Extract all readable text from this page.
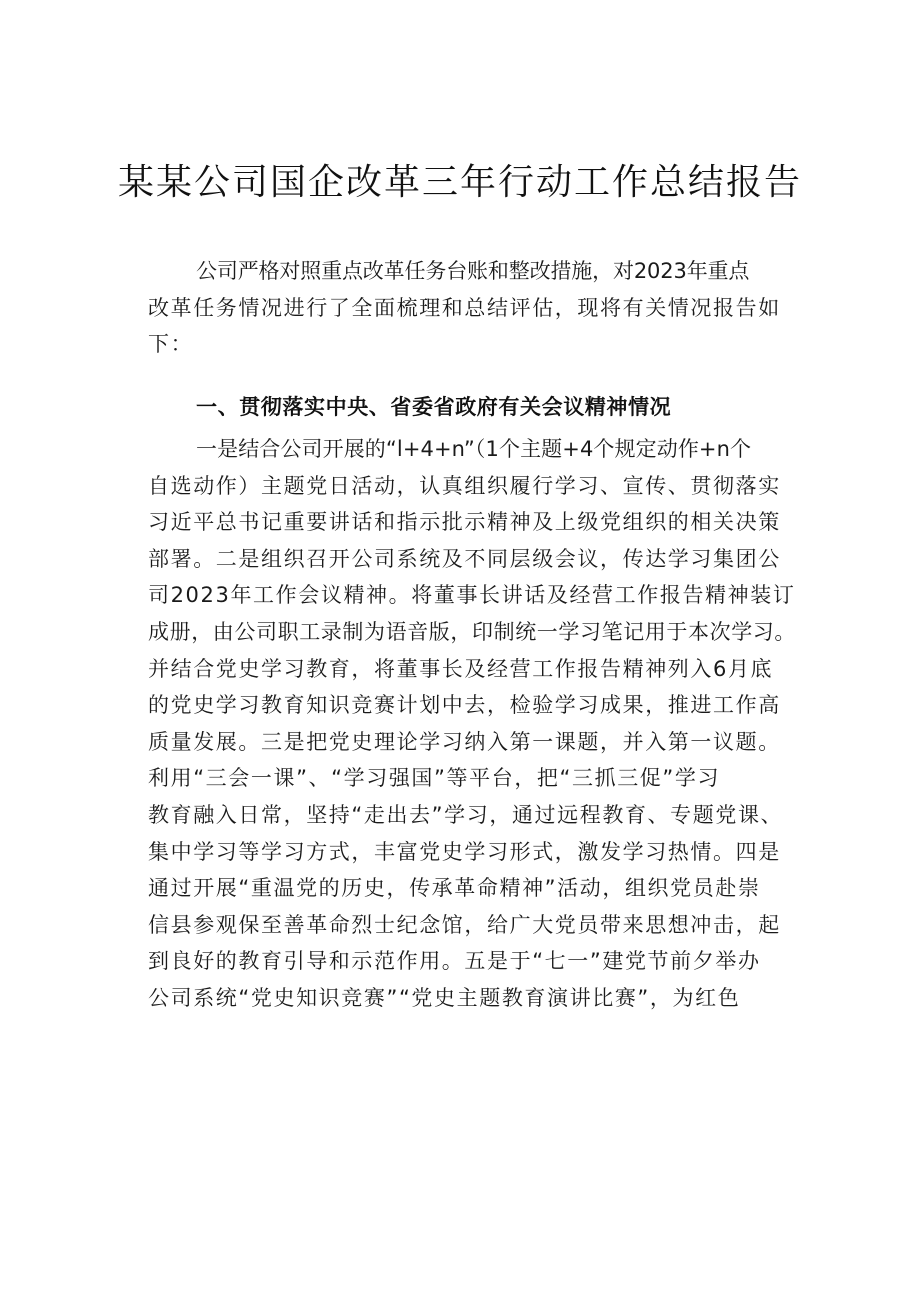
某某公司国企改革三年行动工作总结报告

公司严格对照重点改革任务台账和整改措施，对2023年重点
改革任务情况进行了全面梳理和总结评估，现将有关情况报告如
下：

一、贯彻落实中央、省委省政府有关会议精神情况

一是结合公司开展的“l+4+n”（1个主题+4个规定动作+n个
自选动作）主题党日活动，认真组织履行学习、宣传、贯彻落实
习近平总书记重要讲话和指示批示精神及上级党组织的相关决策
部署。二是组织召开公司系统及不同层级会议，传达学习集团公
司2023年工作会议精神。将董事长讲话及经营工作报告精神装订
成册，由公司职工录制为语音版，印制统一学习笔记用于本次学习。
并结合党史学习教育，将董事长及经营工作报告精神列入6月底
的党史学习教育知识竞赛计划中去，检验学习成果，推进工作高
质量发展。三是把党史理论学习纳入第一课题，并入第一议题。
利用“三会一课”、“学习强国”等平台，把“三抓三促”学习
教育融入日常，坚持“走出去”学习，通过远程教育、专题党课、
集中学习等学习方式，丰富党史学习形式，激发学习热情。四是
通过开展“重温党的历史，传承革命精神”活动，组织党员赴崇
信县参观保至善革命烈士纪念馆，给广大党员带来思想冲击，起
到良好的教育引导和示范作用。五是于“七一”建党节前夕举办
公司系统“党史知识竞赛”“党史主题教育演讲比赛”，为红色
